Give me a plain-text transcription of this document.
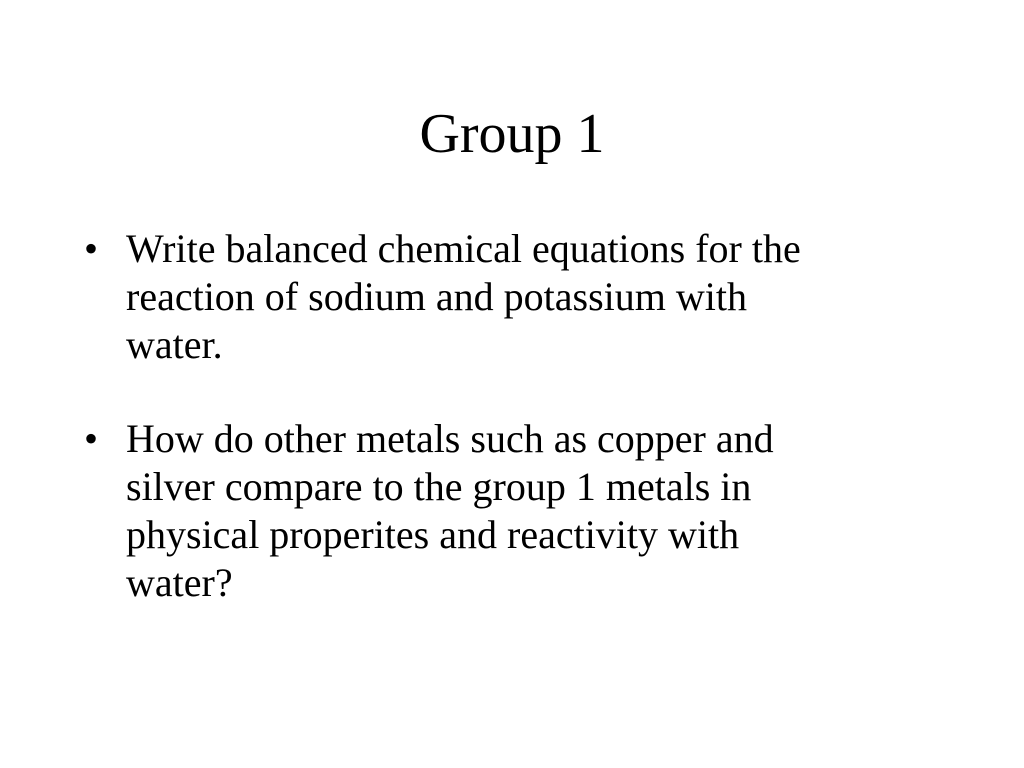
Group 1
• Write balanced chemical equations for the
reaction of sodium and potassium with
water.
• How do other metals such as copper and
silver compare to the group 1 metals in
physical properites and reactivity with
water?
